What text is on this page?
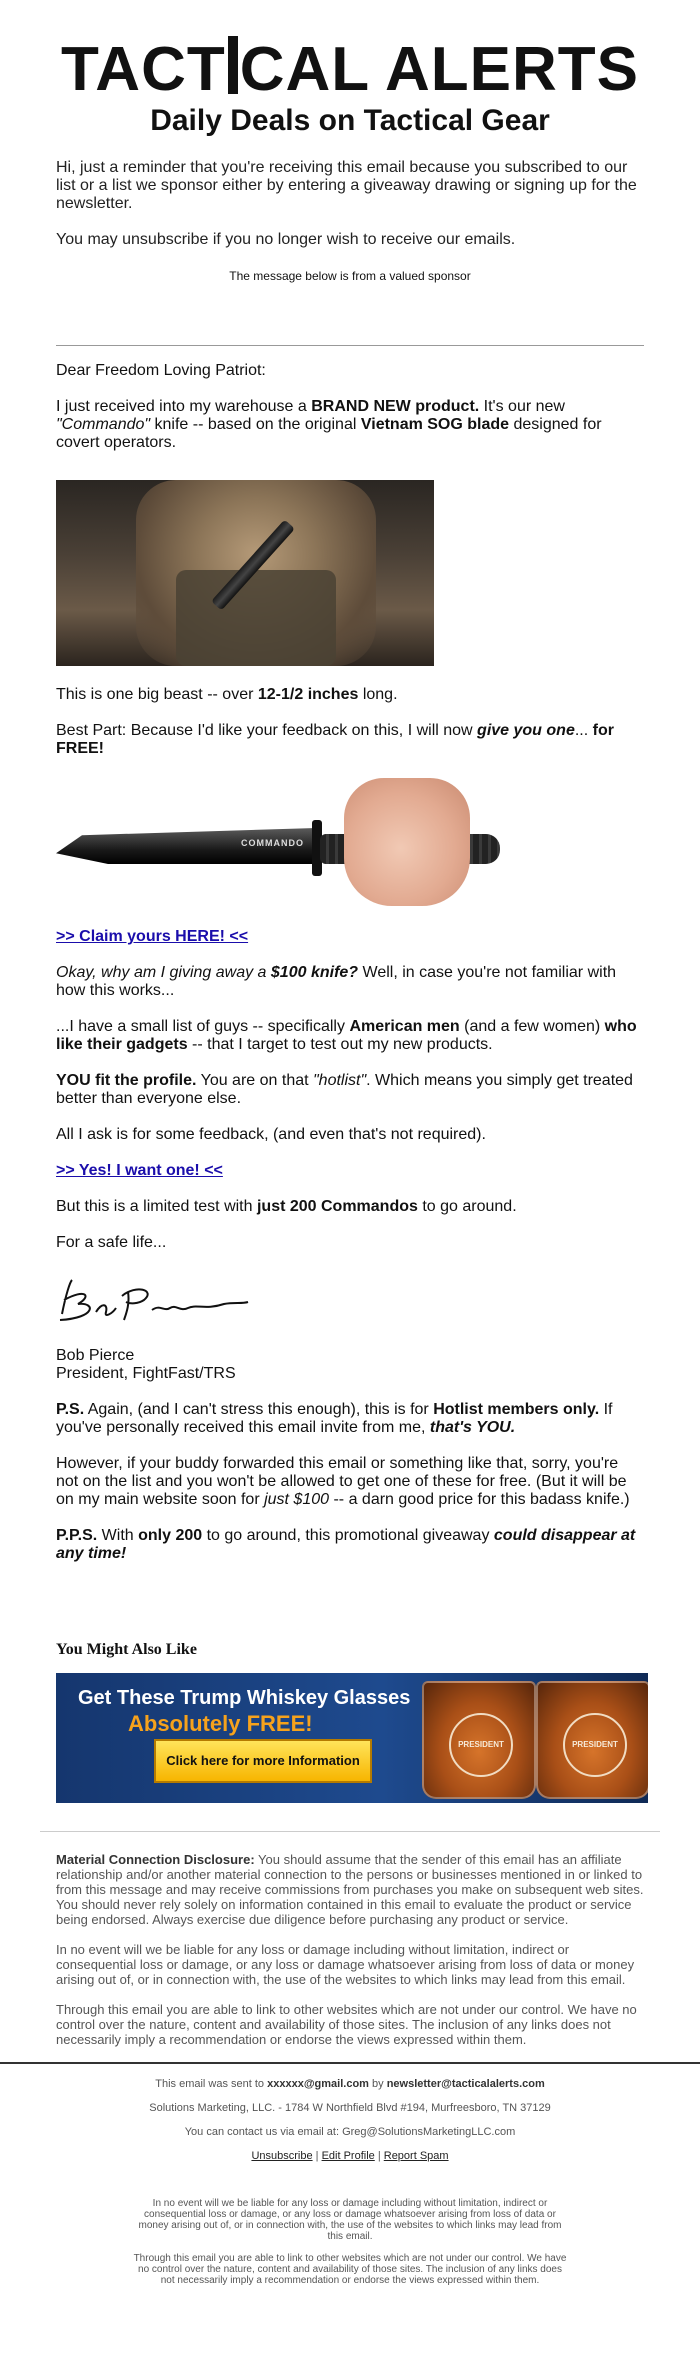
TACT CAL ALERTS
Daily Deals on Tactical Gear

Hi, just a reminder that you're receiving this email because you subscribed to our list or a list we sponsor either by entering a giveaway drawing or signing up for the newsletter.

You may unsubscribe if you no longer wish to receive our emails.

The message below is from a valued sponsor

Dear Freedom Loving Patriot:

I just received into my warehouse a BRAND NEW product. It's our new "Commando" knife -- based on the original Vietnam SOG blade designed for covert operators.

This is one big beast -- over 12-1/2 inches long.

Best Part: Because I'd like your feedback on this, I will now give you one... for FREE!

COMMANDO

>> Claim yours HERE! <<

Okay, why am I giving away a $100 knife? Well, in case you're not familiar with how this works...

...I have a small list of guys -- specifically American men (and a few women) who like their gadgets -- that I target to test out my new products.

YOU fit the profile. You are on that "hotlist". Which means you simply get treated better than everyone else.

All I ask is for some feedback, (and even that's not required).

>> Yes! I want one! <<

But this is a limited test with just 200 Commandos to go around.

For a safe life...

Bob Pierce

President, FightFast/TRS

P.S. Again, (and I can't stress this enough), this is for Hotlist members only. If you've personally received this email invite from me, that's YOU.

However, if your buddy forwarded this email or something like that, sorry, you're not on the list and you won't be allowed to get one of these for free. (But it will be on my main website soon for just $100 -- a darn good price for this badass knife.)

P.P.S. With only 200 to go around, this promotional giveaway could disappear at any time!

You Might Also Like
Get These Trump Whiskey Glasses
Absolutely FREE!
Click here for more Information
PRESIDENT	PRESIDENT

Material Connection Disclosure: You should assume that the sender of this email has an affiliate relationship and/or another material connection to the persons or businesses mentioned in or linked to from this message and may receive commissions from purchases you make on subsequent web sites. You should never rely solely on information contained in this email to evaluate the product or service being endorsed. Always exercise due diligence before purchasing any product or service.

In no event will we be liable for any loss or damage including without limitation, indirect or consequential loss or damage, or any loss or damage whatsoever arising from loss of data or money arising out of, or in connection with, the use of the websites to which links may lead from this email.

Through this email you are able to link to other websites which are not under our control. We have no control over the nature, content and availability of those sites. The inclusion of any links does not necessarily imply a recommendation or endorse the views expressed within them.

This email was sent to xxxxxx@gmail.com by newsletter@tacticalalerts.com

Solutions Marketing, LLC. - 1784 W Northfield Blvd #194, Murfreesboro, TN 37129

You can contact us via email at: Greg@SolutionsMarketingLLC.com

Unsubscribe | Edit Profile | Report Spam

In no event will we be liable for any loss or damage including without limitation, indirect or consequential loss or damage, or any loss or damage whatsoever arising from loss of data or money arising out of, or in connection with, the use of the websites to which links may lead from this email.

Through this email you are able to link to other websites which are not under our control. We have no control over the nature, content and availability of those sites. The inclusion of any links does not necessarily imply a recommendation or endorse the views expressed within them.
